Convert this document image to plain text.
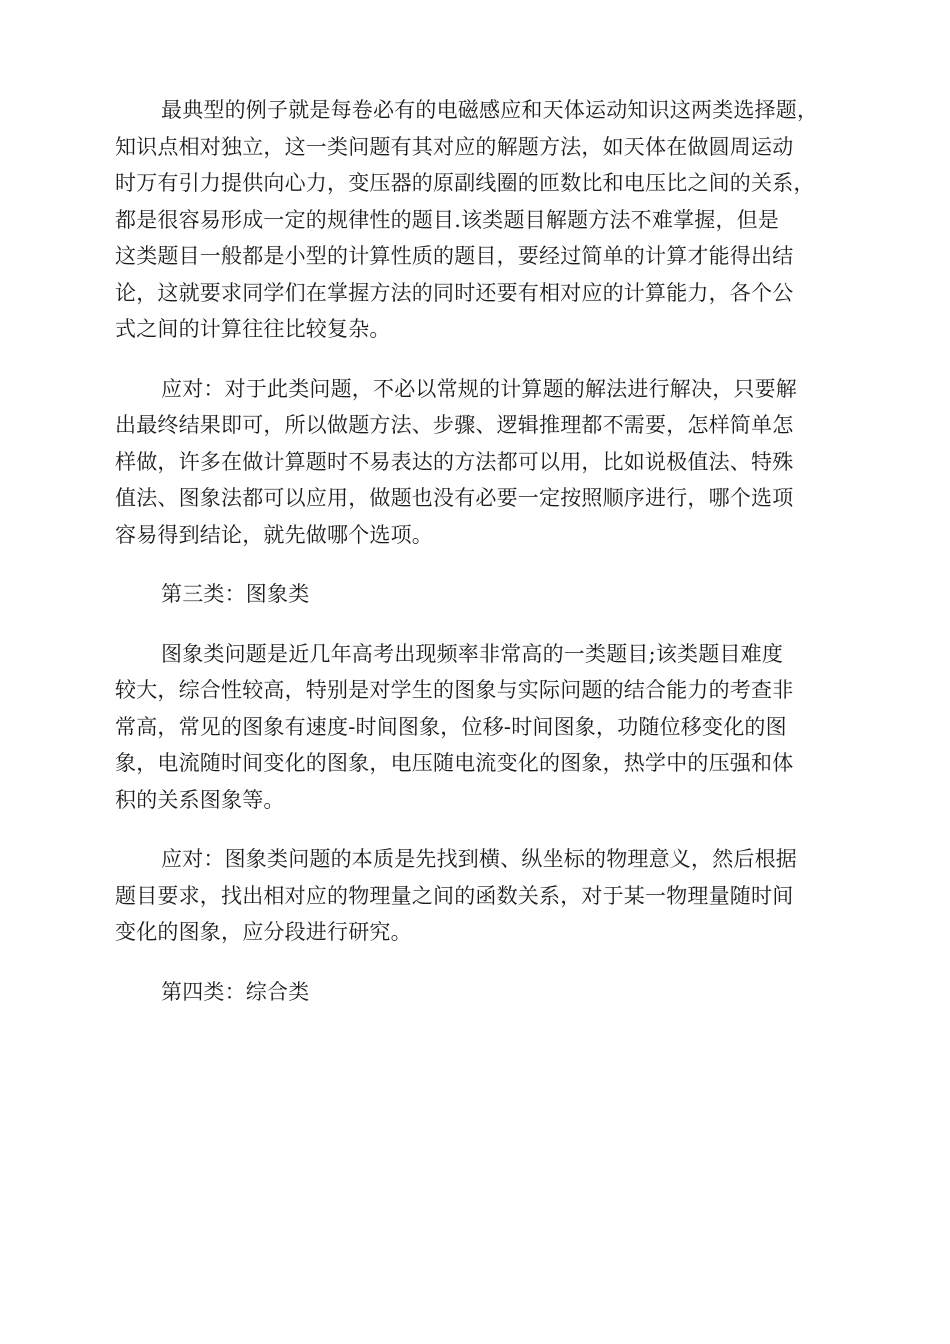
最典型的例子就是每卷必有的电磁感应和天体运动知识这两类选择题，
知识点相对独立，这一类问题有其对应的解题方法，如天体在做圆周运动
时万有引力提供向心力，变压器的原副线圈的匝数比和电压比之间的关系，
都是很容易形成一定的规律性的题目.该类题目解题方法不难掌握，但是
这类题目一般都是小型的计算性质的题目，要经过简单的计算才能得出结
论，这就要求同学们在掌握方法的同时还要有相对应的计算能力，各个公
式之间的计算往往比较复杂。
应对：对于此类问题，不必以常规的计算题的解法进行解决，只要解
出最终结果即可，所以做题方法、步骤、逻辑推理都不需要，怎样简单怎
样做，许多在做计算题时不易表达的方法都可以用，比如说极值法、特殊
值法、图象法都可以应用，做题也没有必要一定按照顺序进行，哪个选项
容易得到结论，就先做哪个选项。
第三类：图象类
图象类问题是近几年高考出现频率非常高的一类题目;该类题目难度
较大，综合性较高，特别是对学生的图象与实际问题的结合能力的考查非
常高，常见的图象有速度-时间图象，位移-时间图象，功随位移变化的图
象，电流随时间变化的图象，电压随电流变化的图象，热学中的压强和体
积的关系图象等。
应对：图象类问题的本质是先找到横、纵坐标的物理意义，然后根据
题目要求，找出相对应的物理量之间的函数关系，对于某一物理量随时间
变化的图象，应分段进行研究。
第四类：综合类
